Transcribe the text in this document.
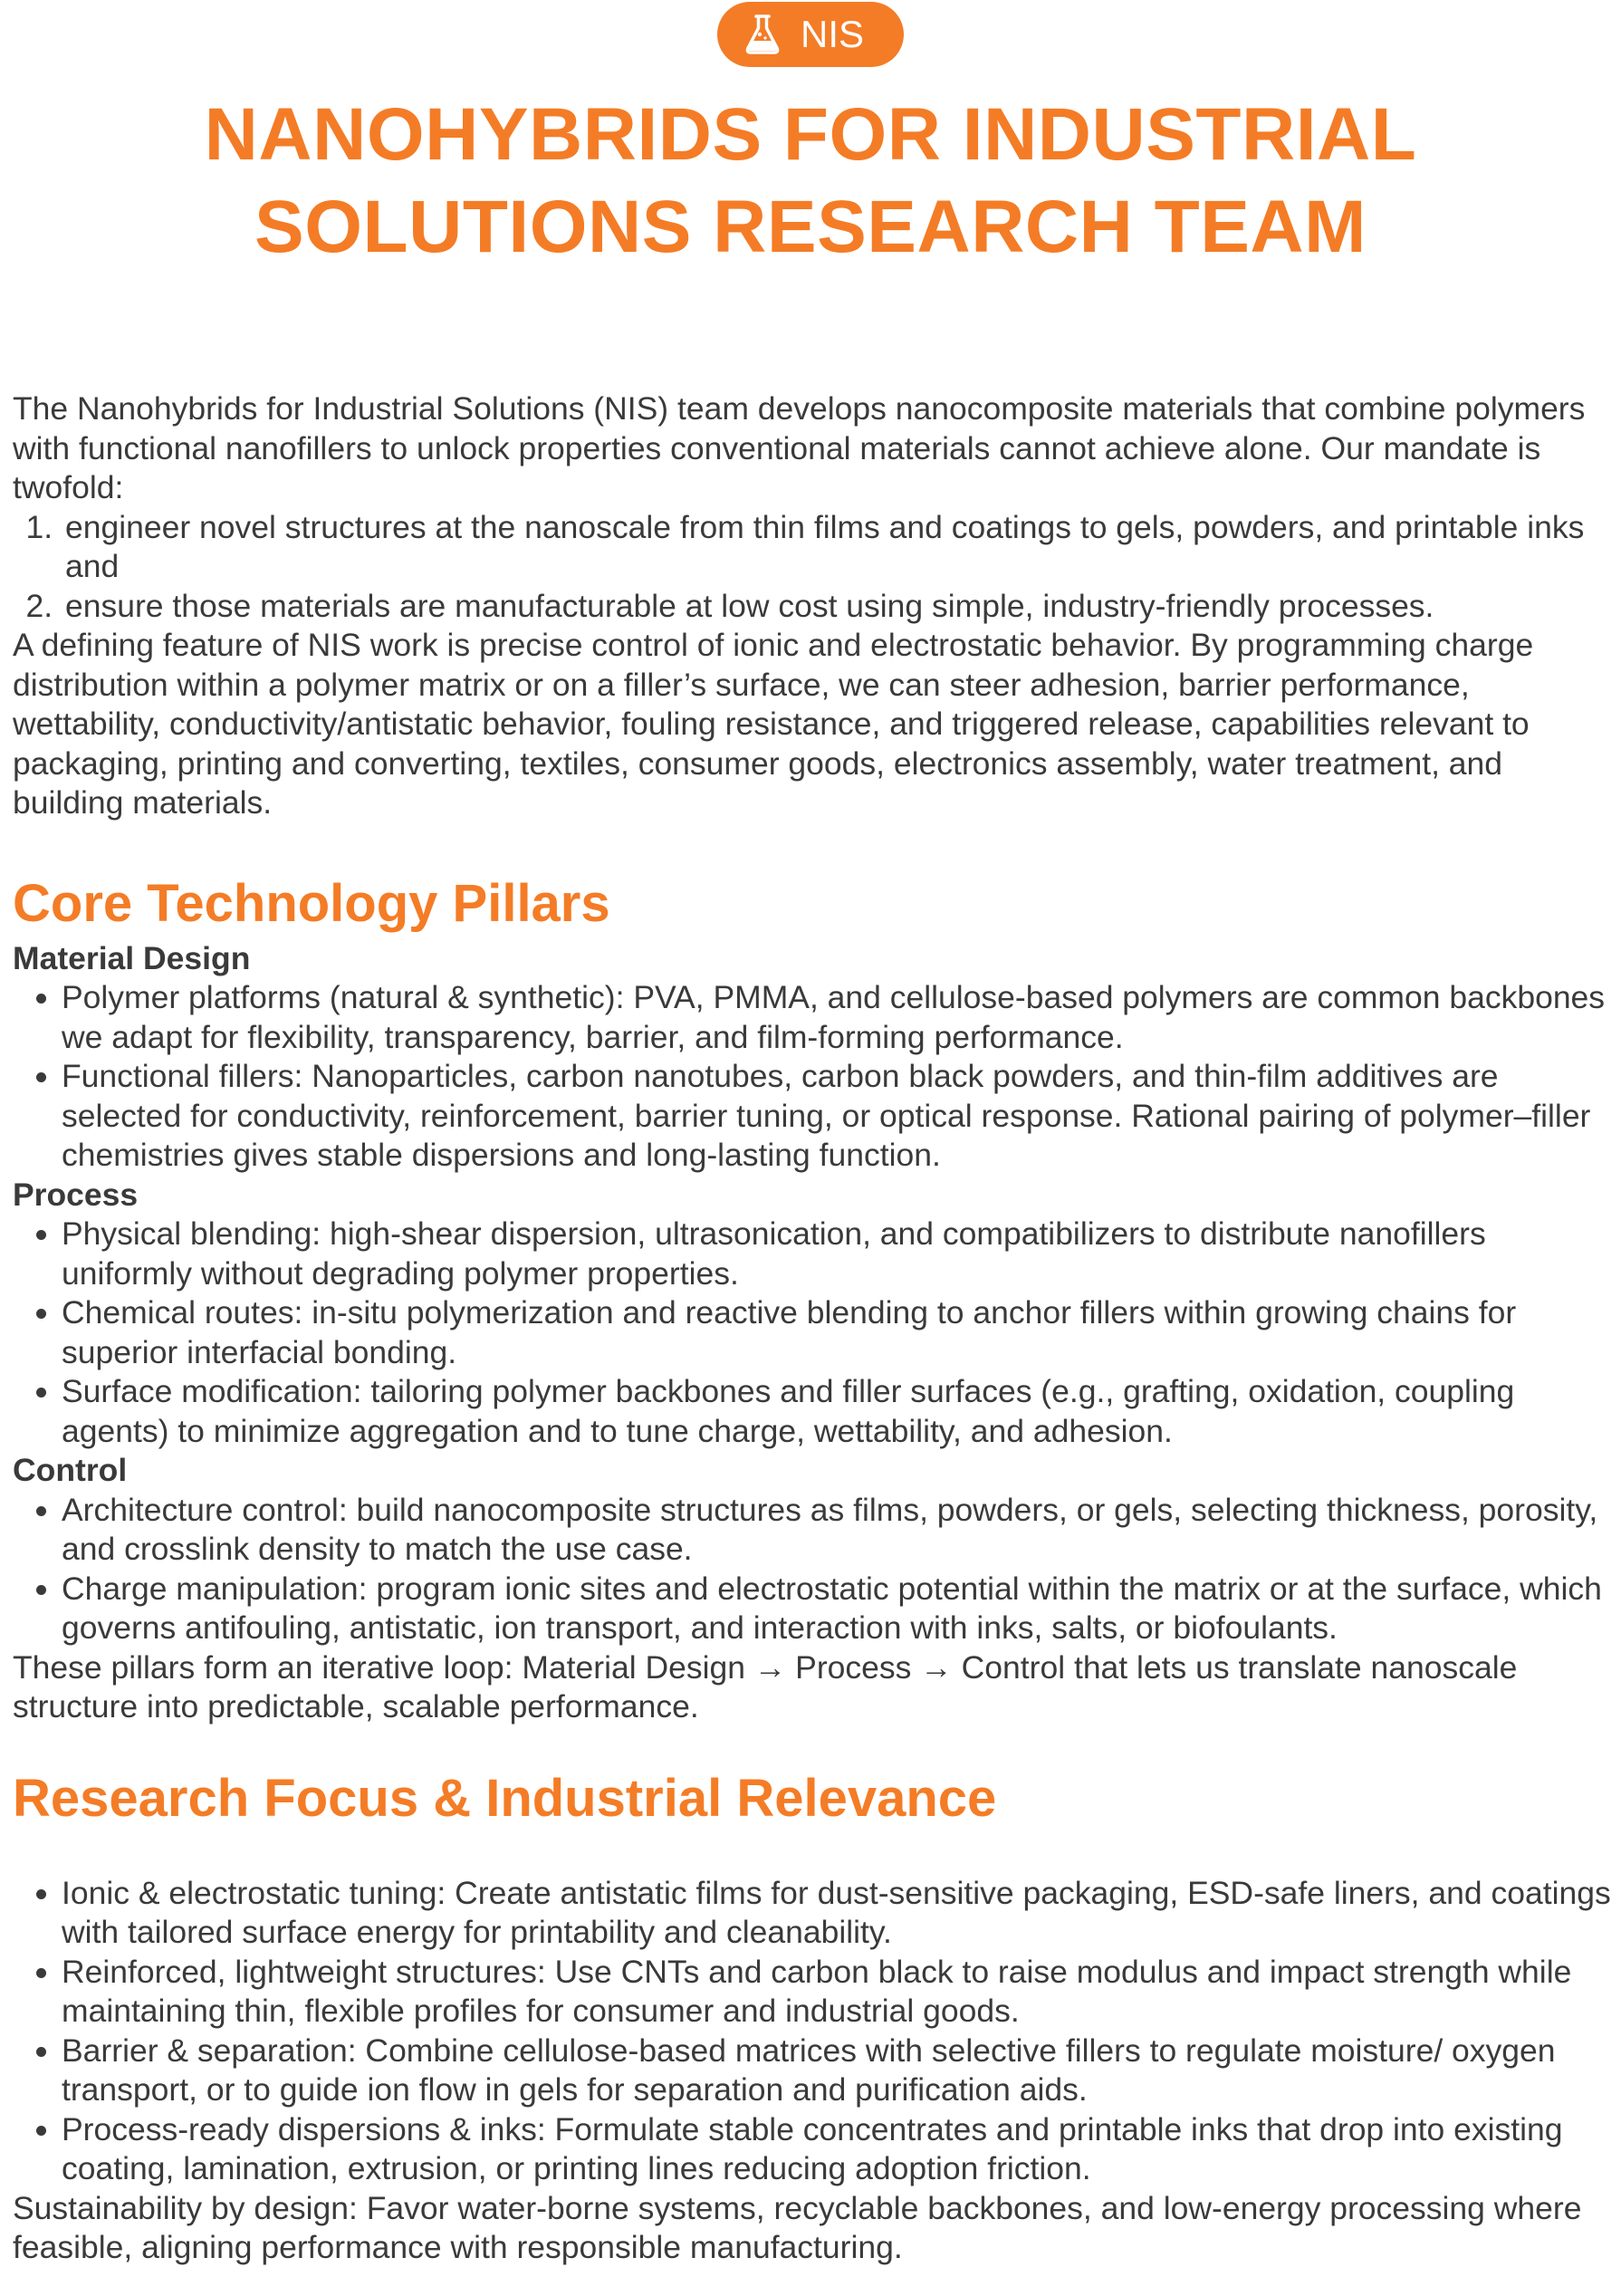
NIS
NANOHYBRIDS FOR INDUSTRIAL SOLUTIONS RESEARCH TEAM

The Nanohybrids for Industrial Solutions (NIS) team develops nanocomposite materials that combine polymers with functional nanofillers to unlock properties conventional materials cannot achieve alone. Our mandate is twofold:

1. engineer novel structures at the nanoscale from thin films and coatings to gels, powders, and printable inks and
2. ensure those materials are manufacturable at low cost using simple, industry-friendly processes.

A defining feature of NIS work is precise control of ionic and electrostatic behavior. By programming charge distribution within a polymer matrix or on a filler’s surface, we can steer adhesion, barrier performance, wettability, conductivity/antistatic behavior, fouling resistance, and triggered release, capabilities relevant to packaging, printing and converting, textiles, consumer goods, electronics assembly, water treatment, and building materials.

Core Technology Pillars
Material Design
• Polymer platforms (natural & synthetic): PVA, PMMA, and cellulose-based polymers are common backbones we adapt for flexibility, transparency, barrier, and film-forming performance.
• Functional fillers: Nanoparticles, carbon nanotubes, carbon black powders, and thin-film additives are selected for conductivity, reinforcement, barrier tuning, or optical response. Rational pairing of polymer–filler chemistries gives stable dispersions and long-lasting function.
Process
• Physical blending: high-shear dispersion, ultrasonication, and compatibilizers to distribute nanofillers uniformly without degrading polymer properties.
• Chemical routes: in-situ polymerization and reactive blending to anchor fillers within growing chains for superior interfacial bonding.
• Surface modification: tailoring polymer backbones and filler surfaces (e.g., grafting, oxidation, coupling agents) to minimize aggregation and to tune charge, wettability, and adhesion.
Control
• Architecture control: build nanocomposite structures as films, powders, or gels, selecting thickness, porosity, and crosslink density to match the use case.
• Charge manipulation: program ionic sites and electrostatic potential within the matrix or at the surface, which governs antifouling, antistatic, ion transport, and interaction with inks, salts, or biofoulants.

These pillars form an iterative loop: Material Design → Process → Control that lets us translate nanoscale structure into predictable, scalable performance.

Research Focus & Industrial Relevance
• Ionic & electrostatic tuning: Create antistatic films for dust-sensitive packaging, ESD-safe liners, and coatings with tailored surface energy for printability and cleanability.
• Reinforced, lightweight structures: Use CNTs and carbon black to raise modulus and impact strength while maintaining thin, flexible profiles for consumer and industrial goods.
• Barrier & separation: Combine cellulose-based matrices with selective fillers to regulate moisture/ oxygen transport, or to guide ion flow in gels for separation and purification aids.
• Process-ready dispersions & inks: Formulate stable concentrates and printable inks that drop into existing coating, lamination, extrusion, or printing lines reducing adoption friction.

Sustainability by design: Favor water-borne systems, recyclable backbones, and low-energy processing where feasible, aligning performance with responsible manufacturing.
